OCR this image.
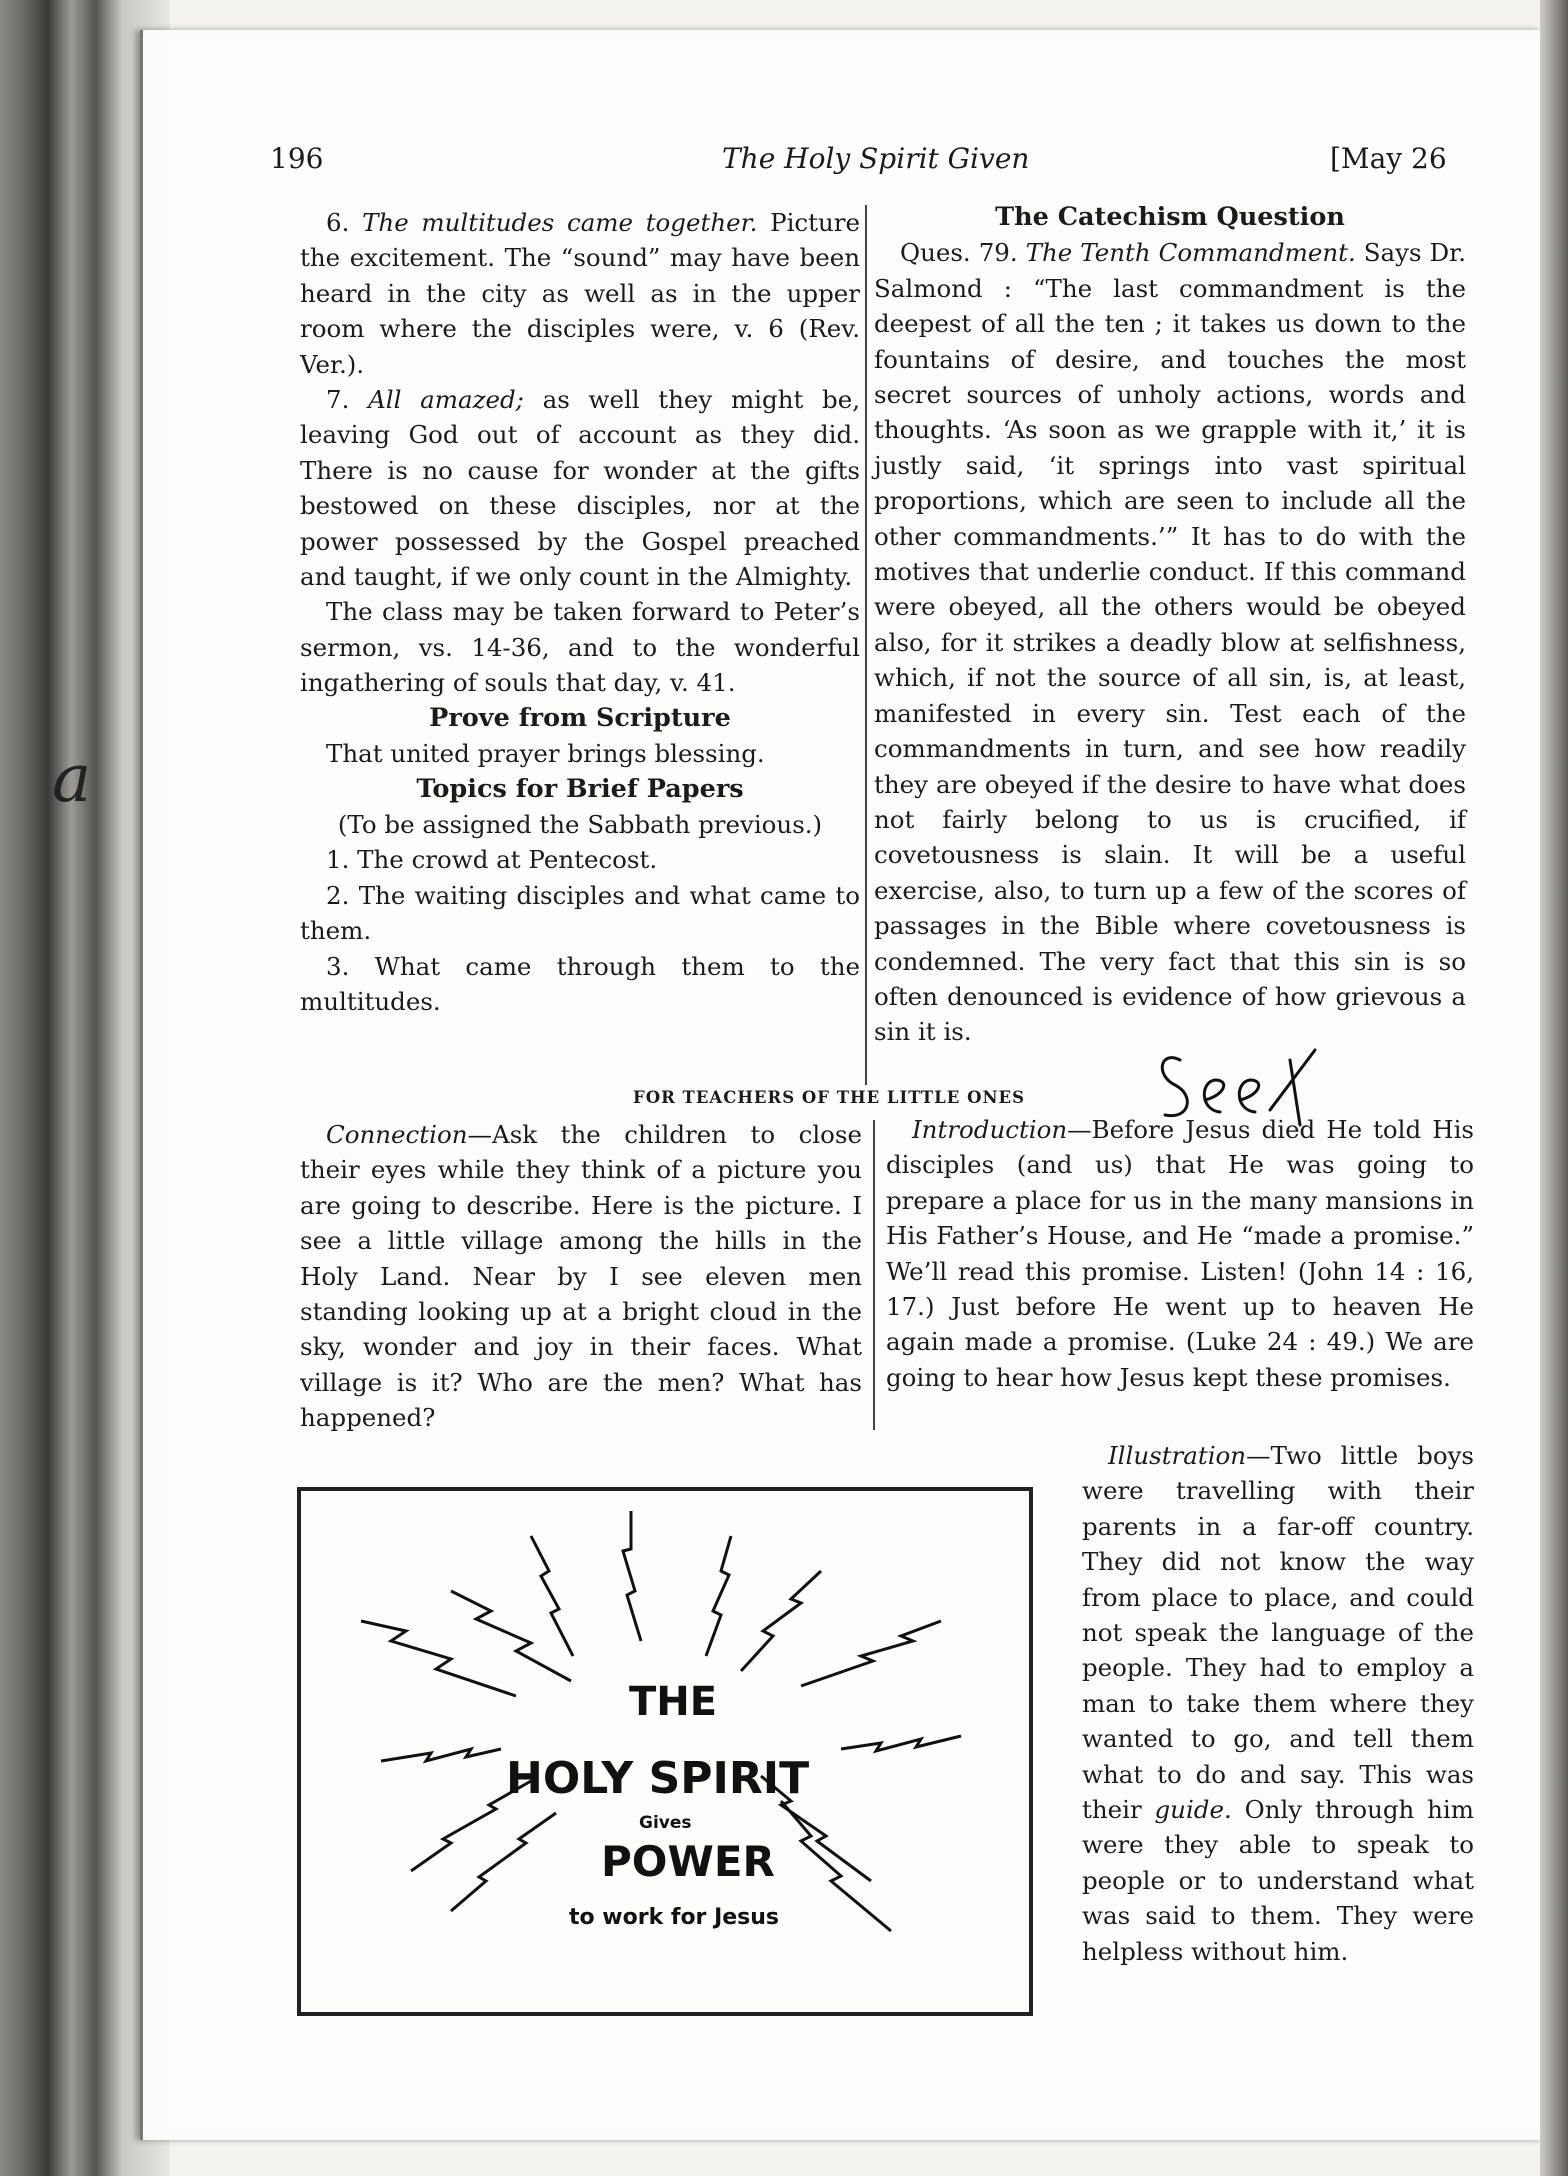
a
196	The Holy Spirit Given	[May 26

6. The multitudes came together. Picture the excitement. The “sound” may have been heard in the city as well as in the upper room where the disciples were, v. 6 (Rev. Ver.).

7. All amazed; as well they might be, leaving God out of account as they did. There is no cause for wonder at the gifts bestowed on these disciples, nor at the power possessed by the Gospel preached and taught, if we only count in the Almighty.

The class may be taken forward to Peter’s sermon, vs. 14-36, and to the wonderful ingathering of souls that day, v. 41.

Prove from Scripture

That united prayer brings blessing.

Topics for Brief Papers

(To be assigned the Sabbath previous.)

1. The crowd at Pentecost.

2. The waiting disciples and what came to them.

3. What came through them to the multitudes.

The Catechism Question

Ques. 79. The Tenth Commandment. Says Dr. Salmond : “The last commandment is the deepest of all the ten ; it takes us down to the fountains of desire, and touches the most secret sources of unholy actions, words and thoughts. ‘As soon as we grapple with it,’ it is justly said, ‘it springs into vast spiritual proportions, which are seen to include all the other commandments.’” It has to do with the motives that underlie conduct. If this command were obeyed, all the others would be obeyed also, for it strikes a deadly blow at selfishness, which, if not the source of all sin, is, at least, manifested in every sin. Test each of the commandments in turn, and see how readily they are obeyed if the desire to have what does not fairly belong to us is crucified, if covetousness is slain. It will be a useful exercise, also, to turn up a few of the scores of passages in the Bible where covetousness is condemned. The very fact that this sin is so often denounced is evidence of how grievous a sin it is.

FOR TEACHERS OF THE LITTLE ONES

Connection—Ask the children to close their eyes while they think of a picture you are going to describe. Here is the picture. I see a little village among the hills in the Holy Land. Near by I see eleven men standing looking up at a bright cloud in the sky, wonder and joy in their faces. What village is it? Who are the men? What has happened?

Introduction—Before Jesus died He told His disciples (and us) that He was going to prepare a place for us in the many mansions in His Father’s House, and He “made a promise.” We’ll read this promise. Listen! (John 14 : 16, 17.) Just before He went up to heaven He again made a promise. (Luke 24 : 49.) We are going to hear how Jesus kept these promises.

Illustration—Two little boys were travelling with their parents in a far-off country. They did not know the way from place to place, and could not speak the language of the people. They had to employ a man to take them where they wanted to go, and tell them what to do and say. This was their guide. Only through him were they able to speak to people or to understand what was said to them. They were helpless without him.

THE
HOLY SPIRIT
Gives
POWER
to work for Jesus
